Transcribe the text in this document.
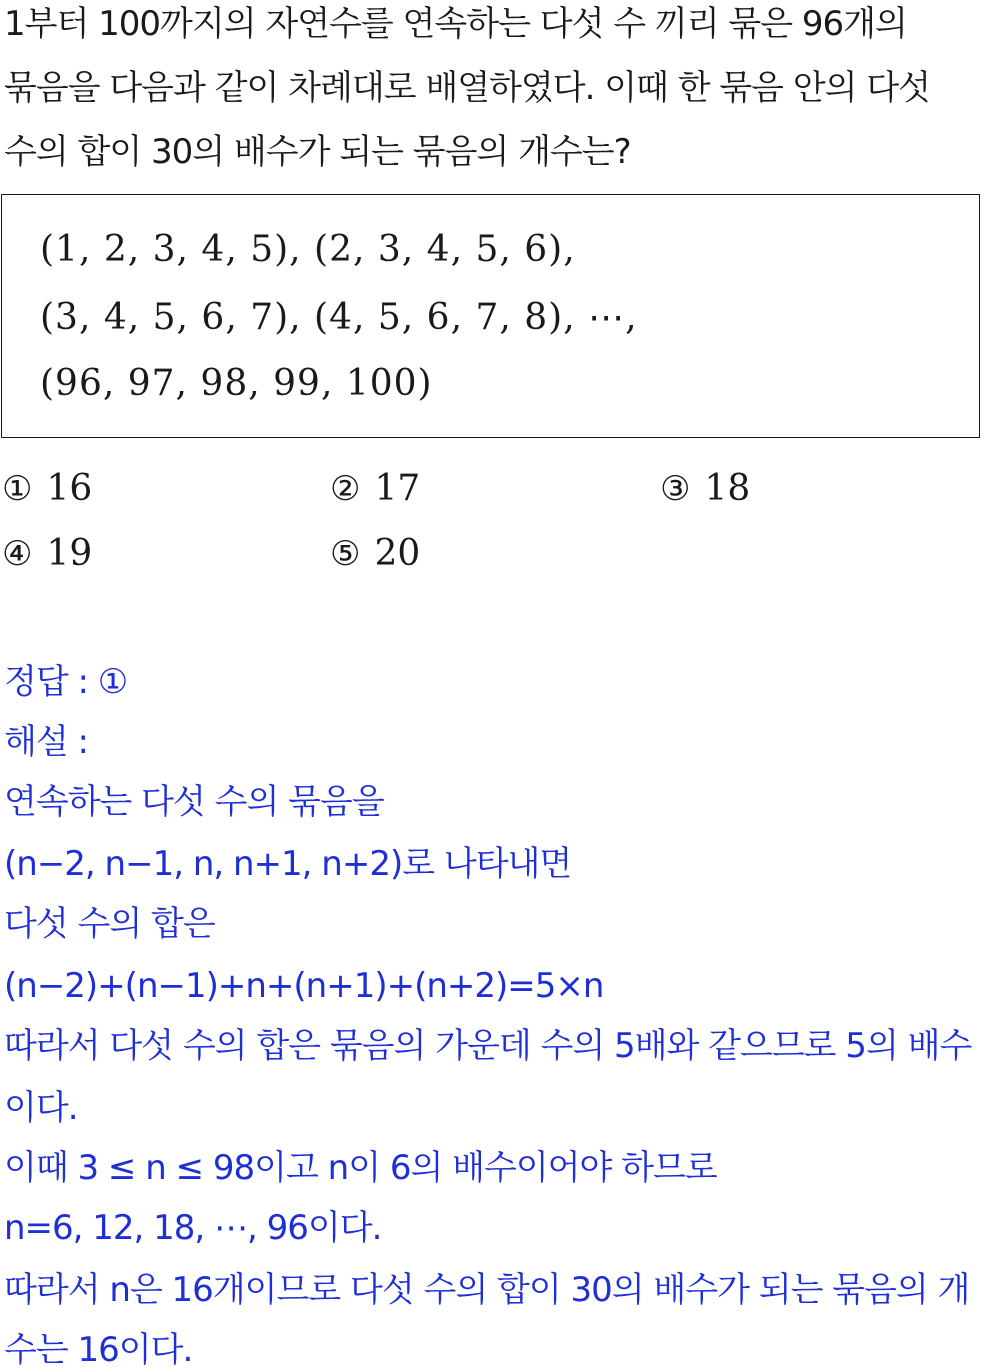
1부터 100까지의 자연수를 연속하는 다섯 수 끼리 묶은 96개의
묶음을 다음과 같이 차례대로 배열하였다. 이때 한 묶음 안의 다섯
수의 합이 30의 배수가 되는 묶음의 개수는?
(1, 2, 3, 4, 5), (2, 3, 4, 5, 6),
(3, 4, 5, 6, 7), (4, 5, 6, 7, 8), ⋯,
(96, 97, 98, 99, 100)
① 16	② 17	③ 18
④ 19	⑤ 20
정답 : ①
해설 :
연속하는 다섯 수의 묶음을
(n−2, n−1, n, n+1, n+2)로 나타내면
다섯 수의 합은
(n−2)+(n−1)+n+(n+1)+(n+2)=5×n
따라서 다섯 수의 합은 묶음의 가운데 수의 5배와 같으므로 5의 배수
이다.
이때 3 ≤ n ≤ 98이고 n이 6의 배수이어야 하므로
n=6, 12, 18, ⋯, 96이다.
따라서 n은 16개이므로 다섯 수의 합이 30의 배수가 되는 묶음의 개
수는 16이다.
